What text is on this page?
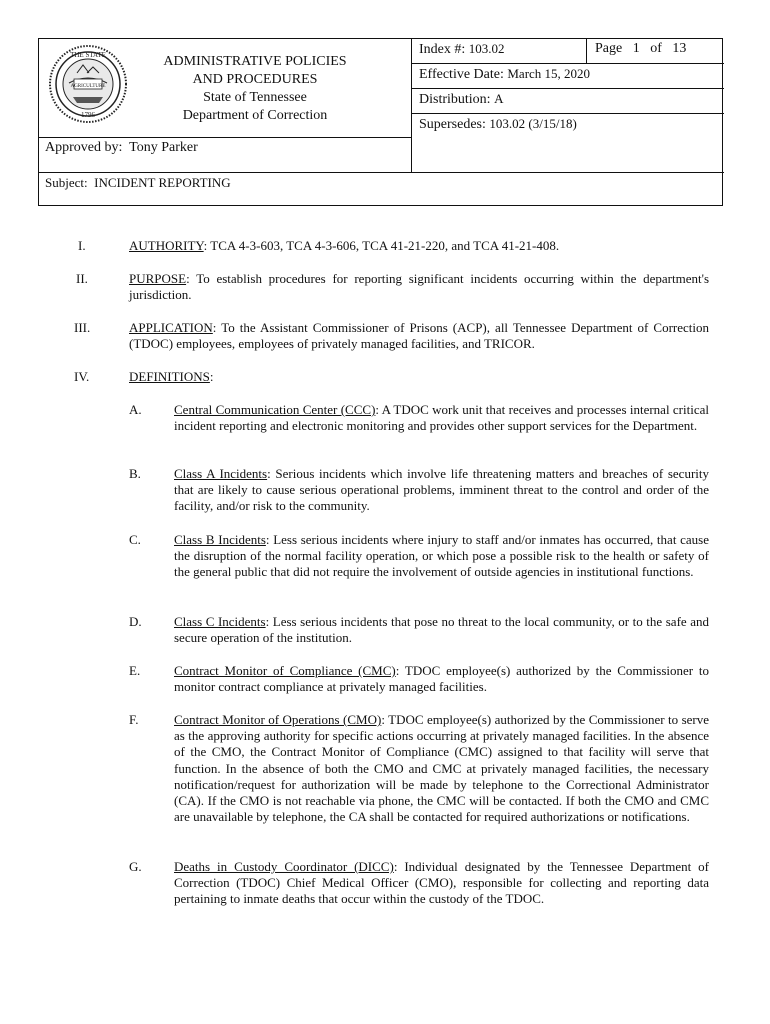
THE STATE
AGRICULTURE
1796
ADMINISTRATIVE POLICIES
AND PROCEDURES
State of Tennessee
Department of Correction
Index #: 103.02	Page 1 of 13
Effective Date: March 15, 2020
Distribution: A
Supersedes: 103.02 (3/15/18)
Approved by: Tony Parker
Subject: INCIDENT REPORTING
I.	AUTHORITY: TCA 4-3-603, TCA 4-3-606, TCA 41-21-220, and TCA 41-21-408.
II.	PURPOSE: To establish procedures for reporting significant incidents occurring within the department's jurisdiction.
III.	APPLICATION: To the Assistant Commissioner of Prisons (ACP), all Tennessee Department of Correction (TDOC) employees, employees of privately managed facilities, and TRICOR.
IV.	DEFINITIONS:
A. Central Communication Center (CCC): A TDOC work unit that receives and processes internal critical incident reporting and electronic monitoring and provides other support services for the Department.
B.	Class A Incidents: Serious incidents which involve life threatening matters and breaches of security that are likely to cause serious operational problems, imminent threat to the control and order of the facility, and/or risk to the community.
C.	Class B Incidents: Less serious incidents where injury to staff and/or inmates has occurred, that cause the disruption of the normal facility operation, or which pose a possible risk to the health or safety of the general public that did not require the involvement of outside agencies in institutional functions.
D. Class C Incidents: Less serious incidents that pose no threat to the local community, or to the safe and secure operation of the institution.
E.	Contract Monitor of Compliance (CMC): TDOC employee(s) authorized by the Commissioner to monitor contract compliance at privately managed facilities.
F.	Contract Monitor of Operations (CMO): TDOC employee(s) authorized by the Commissioner to serve as the approving authority for specific actions occurring at privately managed facilities. In the absence of the CMO, the Contract Monitor of Compliance (CMC) assigned to that facility will serve that function. In the absence of both the CMO and CMC at privately managed facilities, the necessary notification/request for authorization will be made by telephone to the Correctional Administrator (CA). If the CMO is not reachable via phone, the CMC will be contacted. If both the CMO and CMC are unavailable by telephone, the CA shall be contacted for required authorizations or notifications.
G. Deaths in Custody Coordinator (DICC): Individual designated by the Tennessee Department of Correction (TDOC) Chief Medical Officer (CMO), responsible for collecting and reporting data pertaining to inmate deaths that occur within the custody of the TDOC.
